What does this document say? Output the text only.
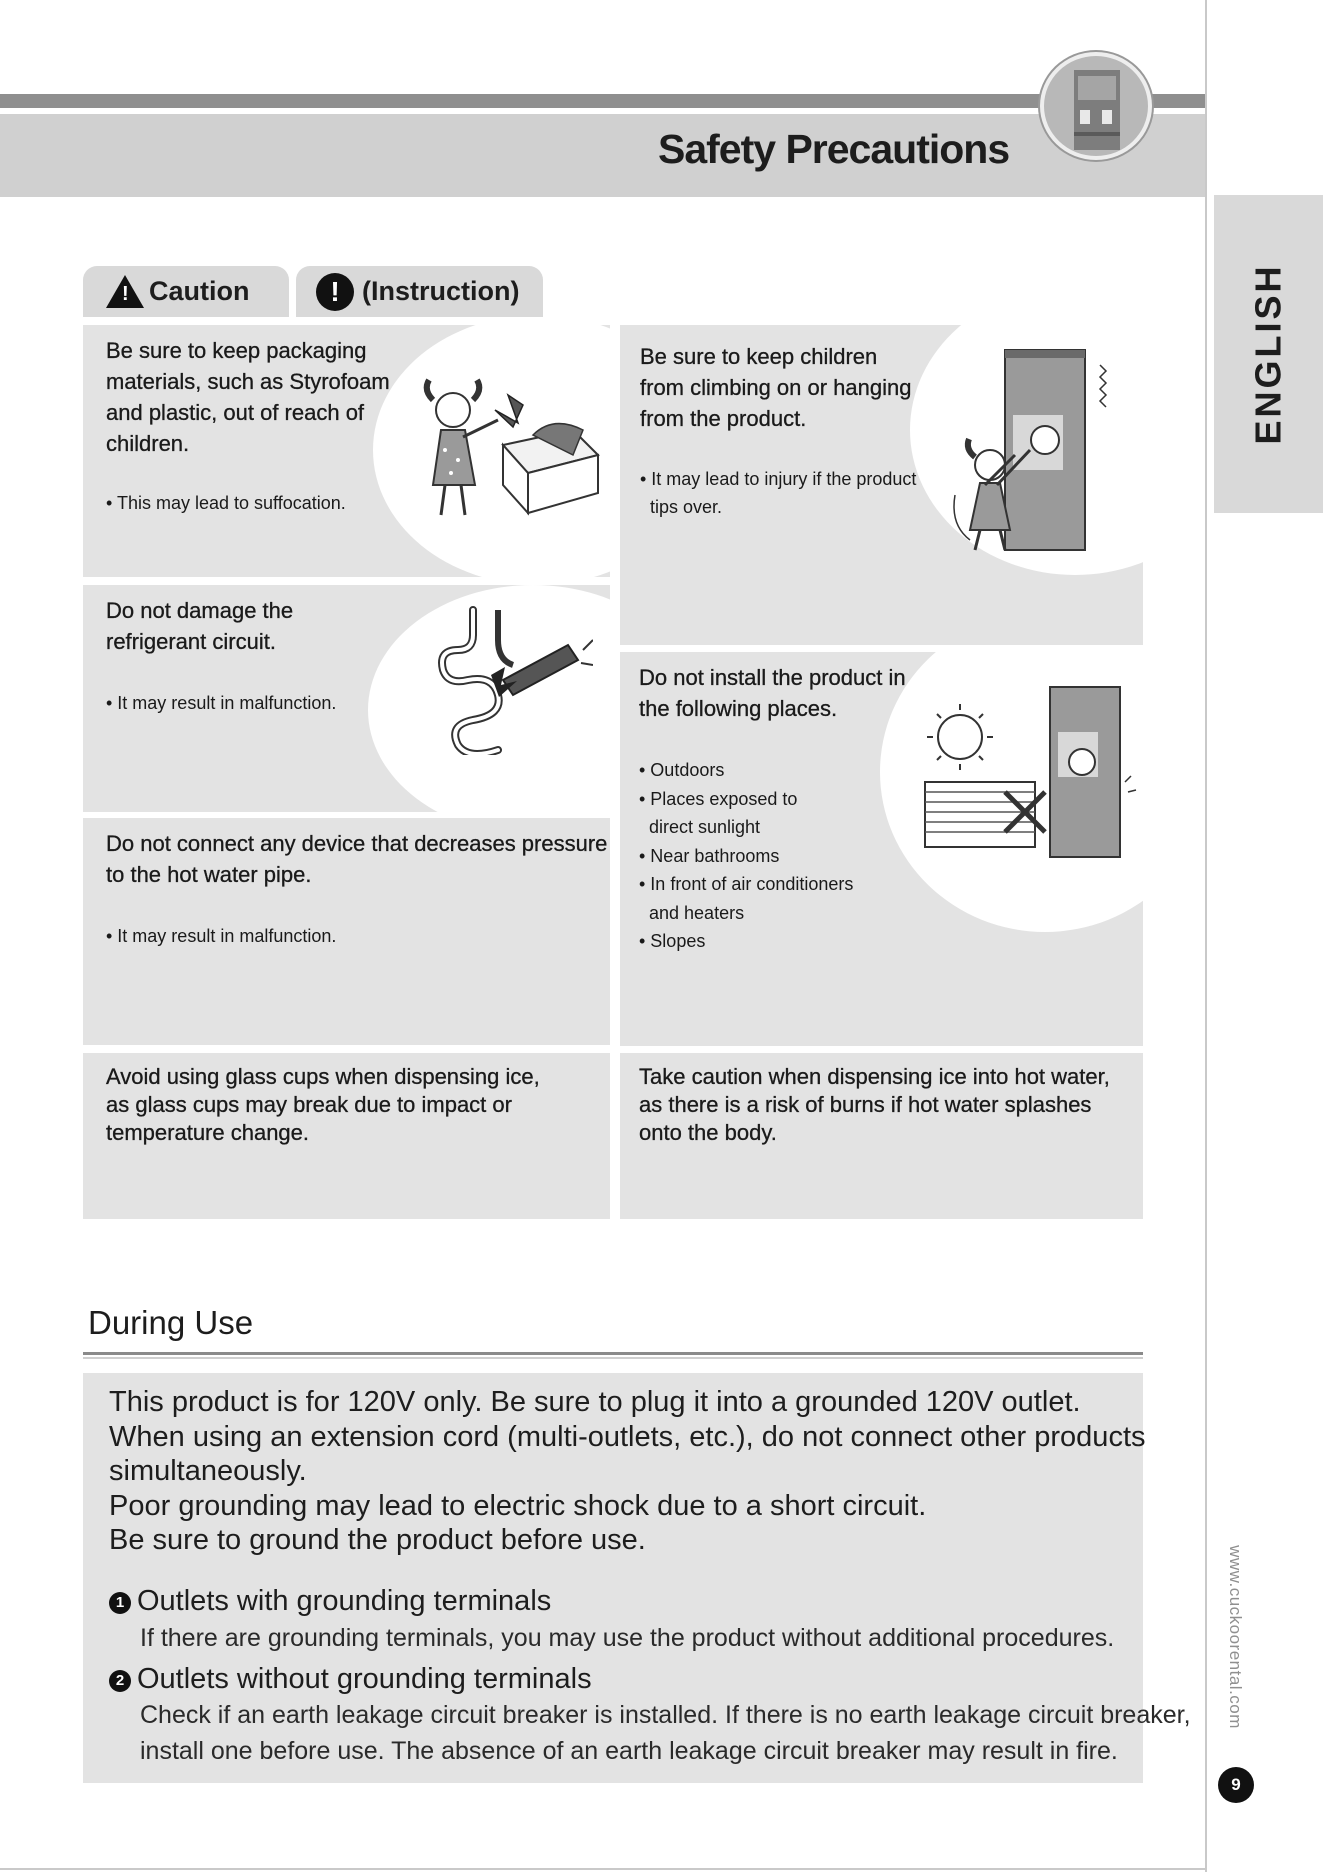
Safety Precautions
ENGLISH
www.cuckoorental.com
9
!
Caution	! (Instruction)
Be sure to keep packaging
materials, such as Styrofoam
and plastic, out of reach of
children.
• This may lead to suffocation.
Be sure to keep children
from climbing on or hanging
from the product.
• It may lead to injury if the product
tips over.
Do not damage the
refrigerant circuit.
• It may result in malfunction.
Do not install the product in
the following places.
• Outdoors
• Places exposed to
direct sunlight
• Near bathrooms
• In front of air conditioners
and heaters
• Slopes
Do not connect any device that decreases pressure
to the hot water pipe.
• It may result in malfunction.
Avoid using glass cups when dispensing ice,
as glass cups may break due to impact or
temperature change.
Take caution when dispensing ice into hot water,
as there is a risk of burns if hot water splashes
onto the body.
During Use
This product is for 120V only. Be sure to plug it into a grounded 120V outlet.
When using an extension cord (multi-outlets, etc.), do not connect other products
simultaneously.
Poor grounding may lead to electric shock due to a short circuit.
Be sure to ground the product before use.
1 Outlets with grounding terminals
If there are grounding terminals, you may use the product without additional procedures.
2 Outlets without grounding terminals
Check if an earth leakage circuit breaker is installed. If there is no earth leakage circuit breaker,
install one before use. The absence of an earth leakage circuit breaker may result in fire.
